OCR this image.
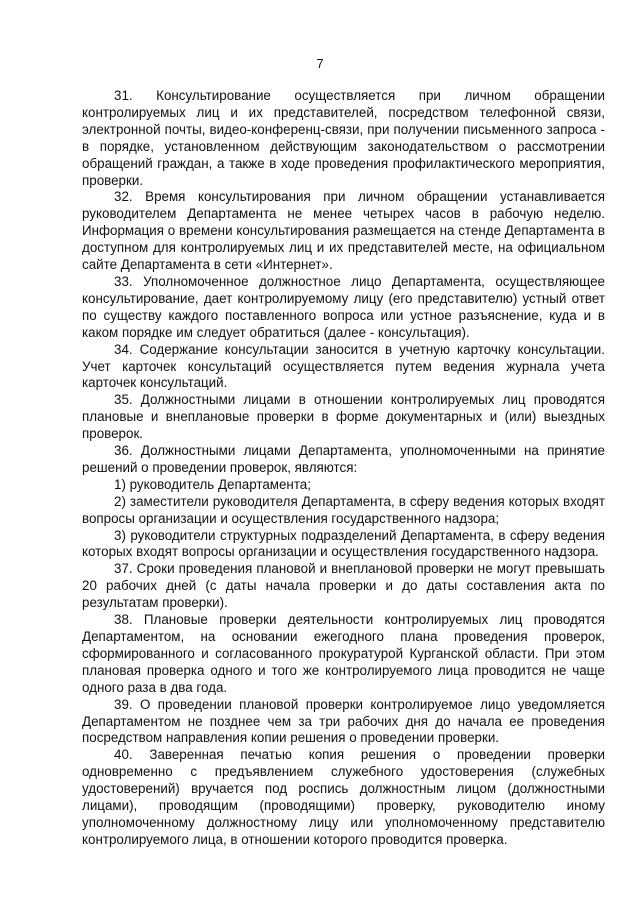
7

31. Консультирование осуществляется при личном обращении контролируемых лиц и их представителей, посредством телефонной связи, электронной почты, видео-конференц-связи, при получении письменного запроса - в порядке, установленном действующим законодательством о рассмотрении обращений граждан, а также в ходе проведения профилактического мероприятия, проверки.

32. Время консультирования при личном обращении устанавливается руководителем Департамента не менее четырех часов в рабочую неделю. Информация о времени консультирования размещается на стенде Департамента в доступном для контролируемых лиц и их представителей месте, на официальном сайте Департамента в сети «Интернет».

33. Уполномоченное должностное лицо Департамента, осуществляющее консультирование, дает контролируемому лицу (его представителю) устный ответ по существу каждого поставленного вопроса или устное разъяснение, куда и в каком порядке им следует обратиться (далее - консультация).

34. Содержание консультации заносится в учетную карточку консультации. Учет карточек консультаций осуществляется путем ведения журнала учета карточек консультаций.

35. Должностными лицами в отношении контролируемых лиц проводятся плановые и внеплановые проверки в форме документарных и (или) выездных проверок.

36. Должностными лицами Департамента, уполномоченными на принятие решений о проведении проверок, являются:

1) руководитель Департамента;

2) заместители руководителя Департамента, в сферу ведения которых входят вопросы организации и осуществления государственного надзора;

3) руководители структурных подразделений Департамента, в сферу ведения которых входят вопросы организации и осуществления государственного надзора.

37. Сроки проведения плановой и внеплановой проверки не могут превышать 20 рабочих дней (с даты начала проверки и до даты составления акта по результатам проверки).

38. Плановые проверки деятельности контролируемых лиц проводятся Департаментом, на основании ежегодного плана проведения проверок, сформированного и согласованного прокуратурой Курганской области. При этом плановая проверка одного и того же контролируемого лица проводится не чаще одного раза в два года.

39. О проведении плановой проверки контролируемое лицо уведомляется Департаментом не позднее чем за три рабочих дня до начала ее проведения посредством направления копии решения о проведении проверки.

40. Заверенная печатью копия решения о проведении проверки одновременно с предъявлением служебного удостоверения (служебных удостоверений) вручается под роспись должностным лицом (должностными лицами), проводящим (проводящими) проверку, руководителю иному уполномоченному должностному лицу или уполномоченному представителю контролируемого лица, в отношении которого проводится проверка.
